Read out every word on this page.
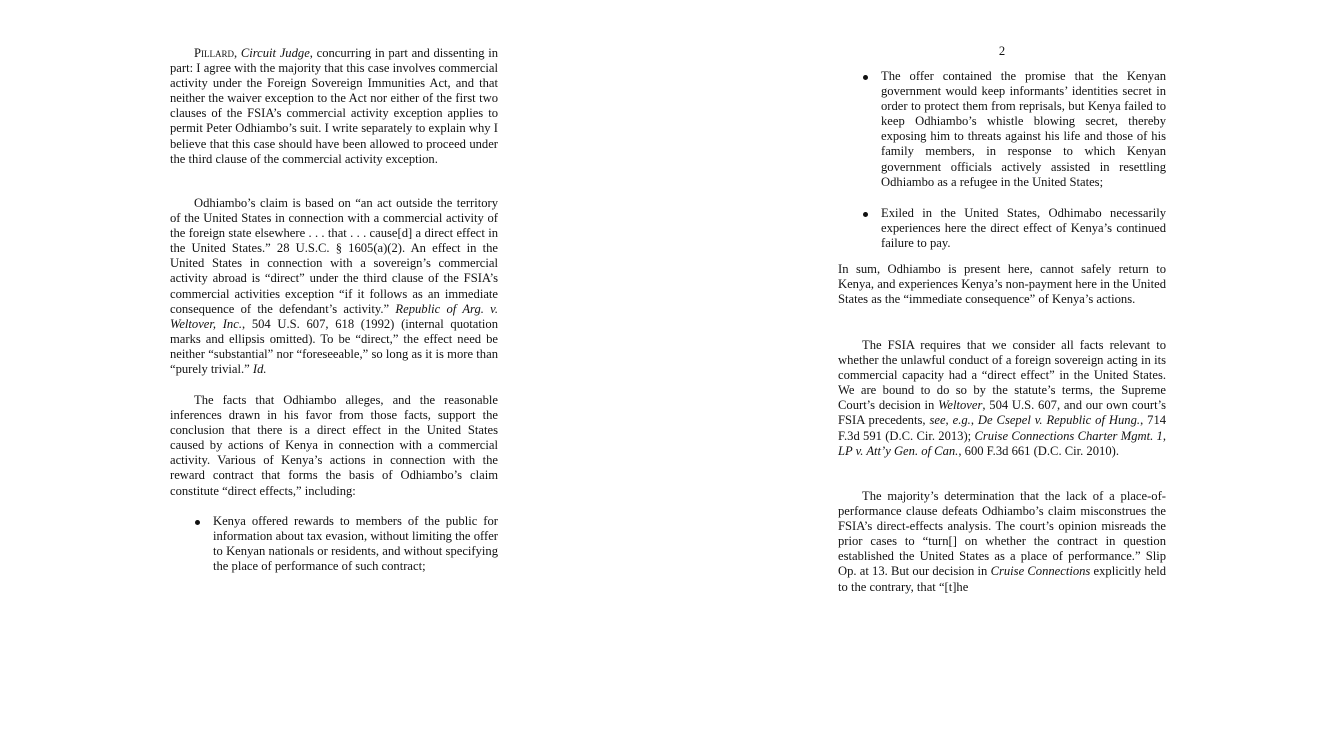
Pillard, Circuit Judge, concurring in part and dissenting in part: I agree with the majority that this case involves commercial activity under the Foreign Sovereign Immunities Act, and that neither the waiver exception to the Act nor either of the first two clauses of the FSIA’s commercial activity exception applies to permit Peter Odhiambo’s suit. I write separately to explain why I believe that this case should have been allowed to proceed under the third clause of the commercial activity exception.

Odhiambo’s claim is based on “an act outside the territory of the United States in connection with a commercial activity of the foreign state elsewhere . . . that . . . cause[d] a direct effect in the United States.” 28 U.S.C. § 1605(a)(2). An effect in the United States in connection with a sovereign’s commercial activity abroad is “direct” under the third clause of the FSIA’s commercial activities exception “if it follows as an immediate consequence of the defendant’s activity.” Republic of Arg. v. Weltover, Inc., 504 U.S. 607, 618 (1992) (internal quotation marks and ellipsis omitted). To be “direct,” the effect need be neither “substantial” nor “foreseeable,” so long as it is more than “purely trivial.” Id.

The facts that Odhiambo alleges, and the reasonable inferences drawn in his favor from those facts, support the conclusion that there is a direct effect in the United States caused by actions of Kenya in connection with a commercial activity. Various of Kenya’s actions in connection with the reward contract that forms the basis of Odhiambo’s claim constitute “direct effects,” including:

Kenya offered rewards to members of the public for information about tax evasion, without limiting the offer to Kenyan nationals or residents, and without specifying the place of performance of such contract;

2

The offer contained the promise that the Kenyan government would keep informants’ identities secret in order to protect them from reprisals, but Kenya failed to keep Odhiambo’s whistle blowing secret, thereby exposing him to threats against his life and those of his family members, in response to which Kenyan government officials actively assisted in resettling Odhiambo as a refugee in the United States;

Exiled in the United States, Odhimabo necessarily experiences here the direct effect of Kenya’s continued failure to pay.

In sum, Odhiambo is present here, cannot safely return to Kenya, and experiences Kenya’s non-payment here in the United States as the “immediate consequence” of Kenya’s actions.

The FSIA requires that we consider all facts relevant to whether the unlawful conduct of a foreign sovereign acting in its commercial capacity had a “direct effect” in the United States. We are bound to do so by the statute’s terms, the Supreme Court’s decision in Weltover, 504 U.S. 607, and our own court’s FSIA precedents, see, e.g., De Csepel v. Republic of Hung., 714 F.3d 591 (D.C. Cir. 2013); Cruise Connections Charter Mgmt. 1, LP v. Att’y Gen. of Can., 600 F.3d 661 (D.C. Cir. 2010).

The majority’s determination that the lack of a place-of-performance clause defeats Odhiambo’s claim misconstrues the FSIA’s direct-effects analysis. The court’s opinion misreads the prior cases to “turn[] on whether the contract in question established the United States as a place of performance.” Slip Op. at 13. But our decision in Cruise Connections explicitly held to the contrary, that “[t]he
